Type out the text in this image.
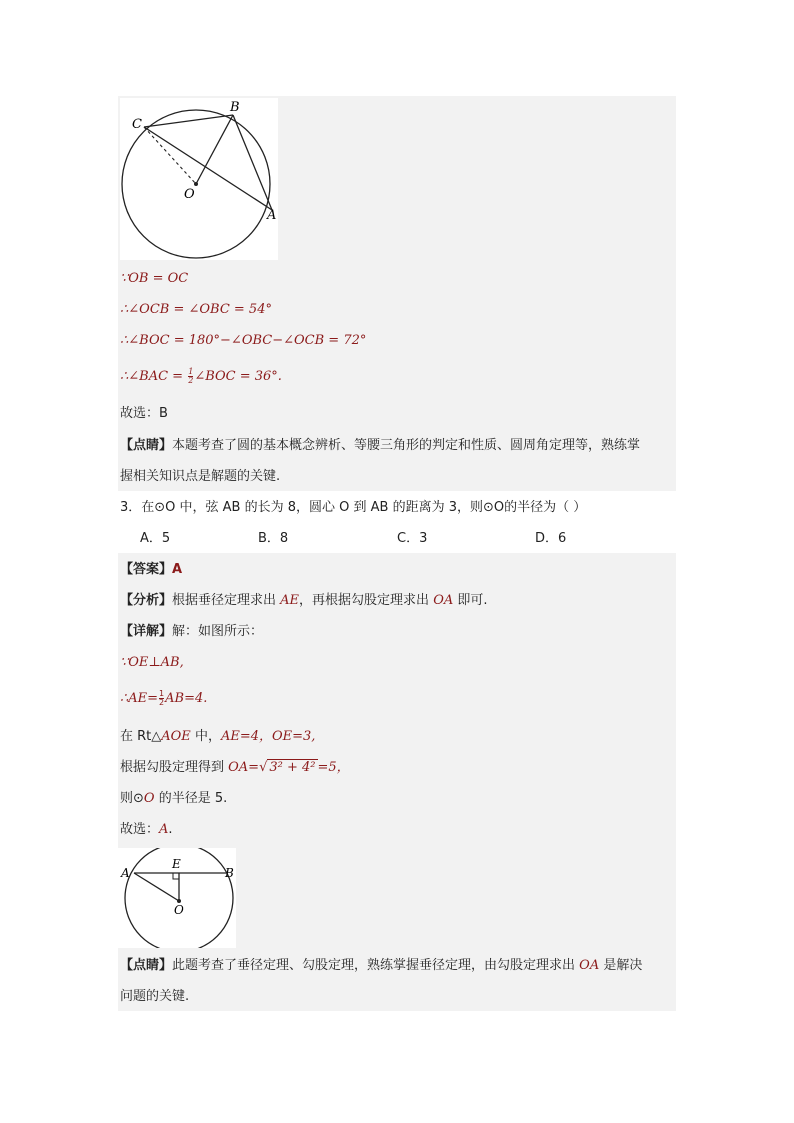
C
B
O
A
∵OB = OC
∴∠OCB = ∠OBC = 54°
∴∠BOC = 180°−∠OBC−∠OCB = 72°
∴∠BAC = $\frac{1}{2}$ ∠BOC = 36°.
故选：B
【点睛】本题考查了圆的基本概念辨析、等腰三角形的判定和性质、圆周角定理等，熟练掌
握相关知识点是解题的关键.
3．在⊙O 中，弦 AB 的长为 8，圆心 O 到 AB 的距离为 3，则⊙O的半径为（ ）
A．5	B．8	C．3	D．6
【答案】A
【分析】根据垂径定理求出 AE，再根据勾股定理求出 OA 即可.
【详解】解：如图所示：
∵OE⊥AB,
∴AE= $\frac{1}{2} AB=4$.
在 Rt△AOE 中，AE=4，OE=3,
根据勾股定理得到 OA=√ 3² + 4² =5，
则⊙O 的半径是 5.
故选：A.
A
E
B
O
【点睛】此题考查了垂径定理、勾股定理，熟练掌握垂径定理，由勾股定理求出 OA 是解决
问题的关键.
